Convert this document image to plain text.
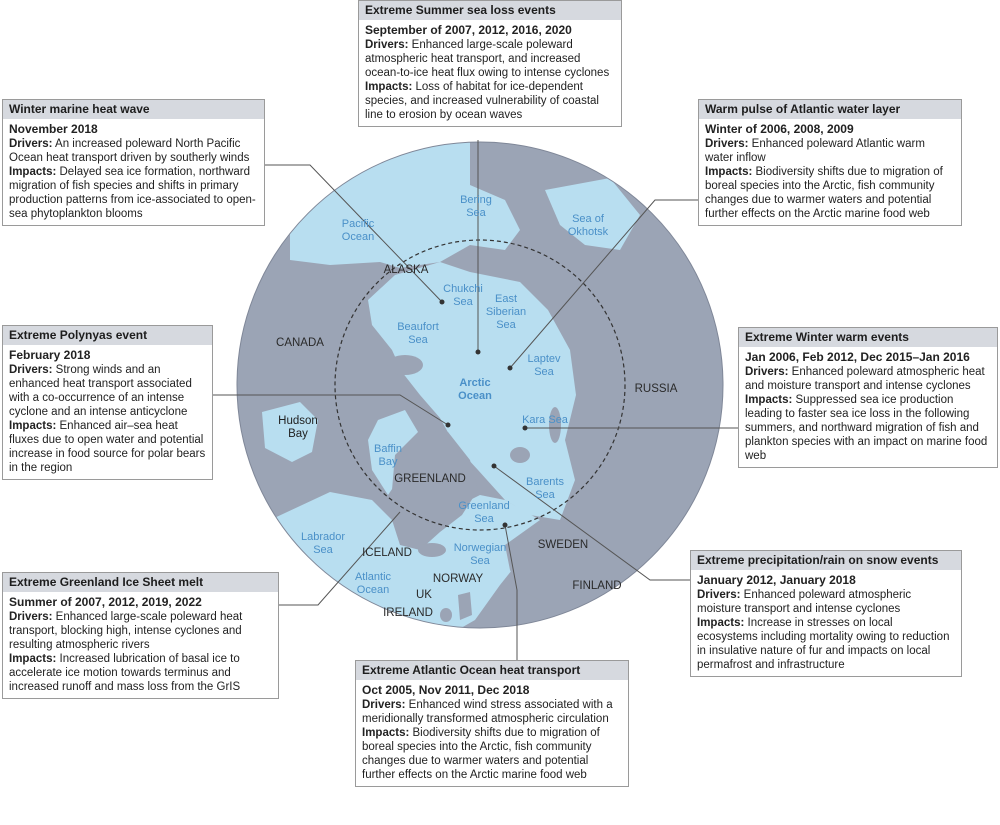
Pacific Ocean
Bering Sea	Sea of Okhotsk
Chukchi Sea	East Siberian Sea
Beaufort Sea
Laptev Sea
Arctic Ocean
Kara Sea
Baffin Bay
Barents Sea
Greenland Sea
Labrador Sea	Norwegian Sea
Atlantic Ocean
Hudson Bay
ALASKA
CANADA
RUSSIA
GREENLAND
ICELAND
SWEDEN
NORWAY
FINLAND
UK
IRELAND
Extreme Summer sea loss events
September of 2007, 2012, 2016, 2020

Drivers: Enhanced large-scale poleward atmospheric heat transport, and increased ocean-to-ice heat flux owing to intense cyclones

Impacts: Loss of habitat for ice-dependent species, and increased vulnerability of coastal line to erosion by ocean waves

Winter marine heat wave
November 2018

Drivers: An increased poleward North Pacific Ocean heat transport driven by southerly winds

Impacts: Delayed sea ice formation, northward migration of fish species and shifts in primary production patterns from ice-associated to open-sea phytoplankton blooms

Warm pulse of Atlantic water layer
Winter of 2006, 2008, 2009

Drivers: Enhanced poleward Atlantic warm water inflow

Impacts: Biodiversity shifts due to migration of boreal species into the Arctic, fish community changes due to warmer waters and potential further effects on the Arctic marine food web

Extreme Polynyas event
February 2018

Drivers: Strong winds and an enhanced heat transport associated with a co-occurrence of an intense cyclone and an intense anticyclone

Impacts: Enhanced air–sea heat fluxes due to open water and potential increase in food source for polar bears in the region

Extreme Winter warm events
Jan 2006, Feb 2012, Dec 2015–Jan 2016

Drivers: Enhanced poleward atmospheric heat and moisture transport and intense cyclones

Impacts: Suppressed sea ice production leading to faster sea ice loss in the following summers, and northward migration of fish and plankton species with an impact on marine food web

Extreme Greenland Ice Sheet melt
Summer of 2007, 2012, 2019, 2022

Drivers: Enhanced large-scale poleward heat transport, blocking high, intense cyclones and resulting atmospheric rivers

Impacts: Increased lubrication of basal ice to accelerate ice motion towards terminus and increased runoff and mass loss from the GrIS

Extreme precipitation/rain on snow events
January 2012, January 2018

Drivers: Enhanced poleward atmospheric moisture transport and intense cyclones

Impacts: Increase in stresses on local ecosystems including mortality owing to reduction in insulative nature of fur and impacts on local permafrost and infrastructure

Extreme Atlantic Ocean heat transport
Oct 2005, Nov 2011, Dec 2018

Drivers: Enhanced wind stress associated with a meridionally transformed atmospheric circulation

Impacts: Biodiversity shifts due to migration of boreal species into the Arctic, fish community changes due to warmer waters and potential further effects on the Arctic marine food web
